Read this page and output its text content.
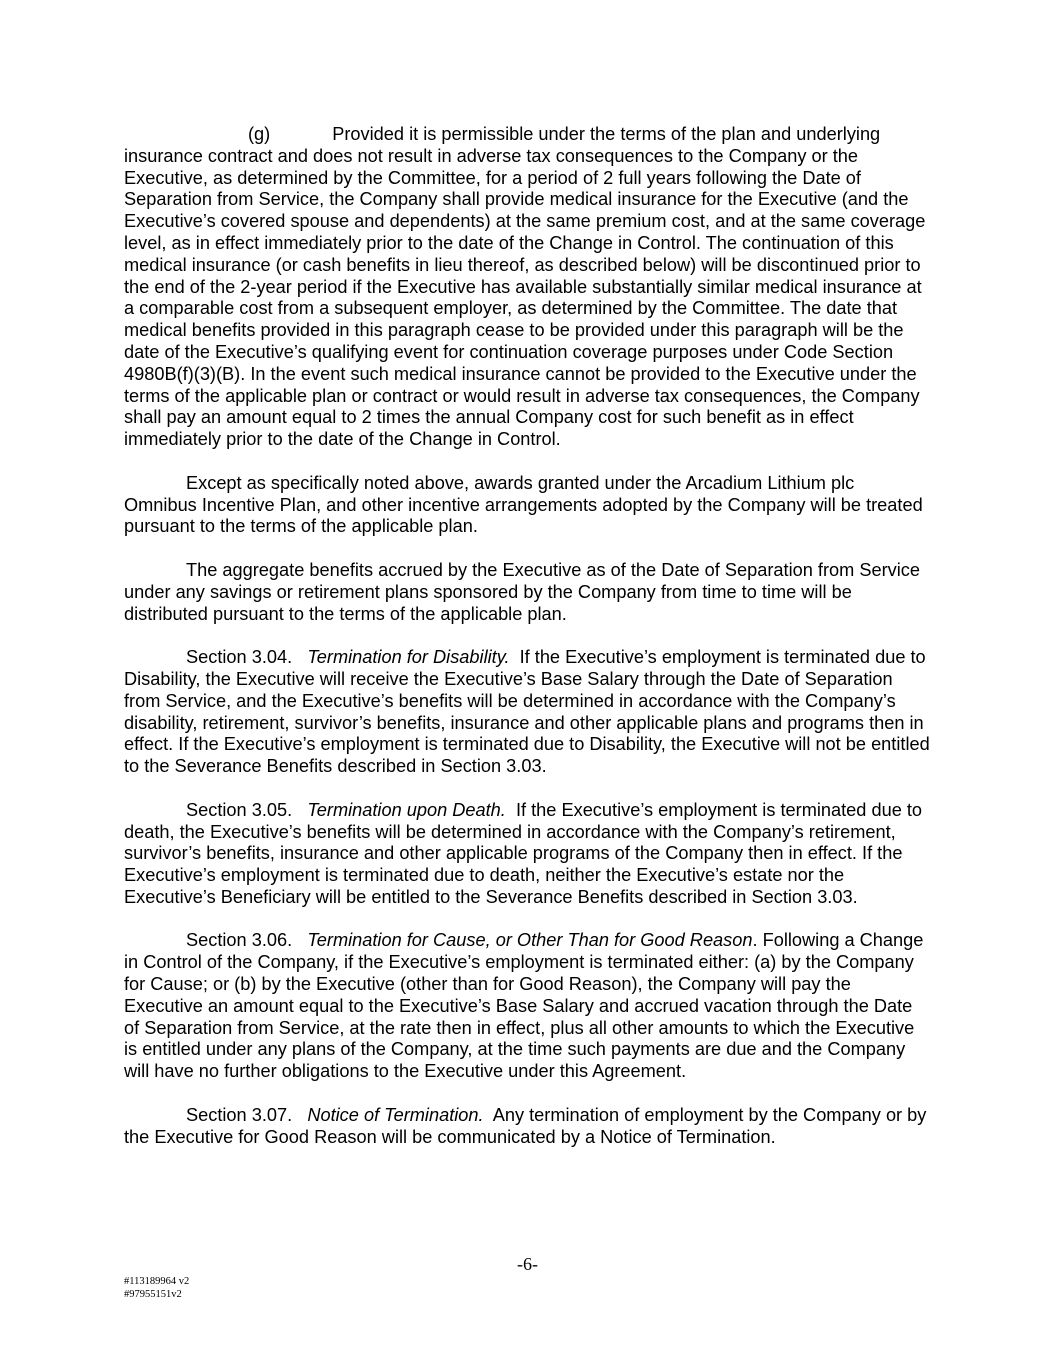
(g)	Provided it is permissible under the terms of the plan and underlying insurance contract and does not result in adverse tax consequences to the Company or the Executive, as determined by the Committee, for a period of 2 full years following the Date of Separation from Service, the Company shall provide medical insurance for the Executive (and the Executive’s covered spouse and dependents) at the same premium cost, and at the same coverage level, as in effect immediately prior to the date of the Change in Control. The continuation of this medical insurance (or cash benefits in lieu thereof, as described below) will be discontinued prior to the end of the 2-year period if the Executive has available substantially similar medical insurance at a comparable cost from a subsequent employer, as determined by the Committee. The date that medical benefits provided in this paragraph cease to be provided under this paragraph will be the date of the Executive’s qualifying event for continuation coverage purposes under Code Section 4980B(f)(3)(B). In the event such medical insurance cannot be provided to the Executive under the terms of the applicable plan or contract or would result in adverse tax consequences, the Company shall pay an amount equal to 2 times the annual Company cost for such benefit as in effect immediately prior to the date of the Change in Control.

Except as specifically noted above, awards granted under the Arcadium Lithium plc Omnibus Incentive Plan, and other incentive arrangements adopted by the Company will be treated pursuant to the terms of the applicable plan.

The aggregate benefits accrued by the Executive as of the Date of Separation from Service under any savings or retirement plans sponsored by the Company from time to time will be distributed pursuant to the terms of the applicable plan.

Section 3.04. Termination for Disability. If the Executive’s employment is terminated due to Disability, the Executive will receive the Executive’s Base Salary through the Date of Separation from Service, and the Executive’s benefits will be determined in accordance with the Company’s disability, retirement, survivor’s benefits, insurance and other applicable plans and programs then in effect. If the Executive’s employment is terminated due to Disability, the Executive will not be entitled to the Severance Benefits described in Section 3.03.

Section 3.05. Termination upon Death. If the Executive’s employment is terminated due to death, the Executive’s benefits will be determined in accordance with the Company’s retirement, survivor’s benefits, insurance and other applicable programs of the Company then in effect. If the Executive’s employment is terminated due to death, neither the Executive’s estate nor the Executive’s Beneficiary will be entitled to the Severance Benefits described in Section 3.03.

Section 3.06. Termination for Cause, or Other Than for Good Reason. Following a Change in Control of the Company, if the Executive’s employment is terminated either: (a) by the Company for Cause; or (b) by the Executive (other than for Good Reason), the Company will pay the Executive an amount equal to the Executive’s Base Salary and accrued vacation through the Date of Separation from Service, at the rate then in effect, plus all other amounts to which the Executive is entitled under any plans of the Company, at the time such payments are due and the Company will have no further obligations to the Executive under this Agreement.

Section 3.07. Notice of Termination. Any termination of employment by the Company or by the Executive for Good Reason will be communicated by a Notice of Termination.

-6-
#113189964 v2
#97955151v2
